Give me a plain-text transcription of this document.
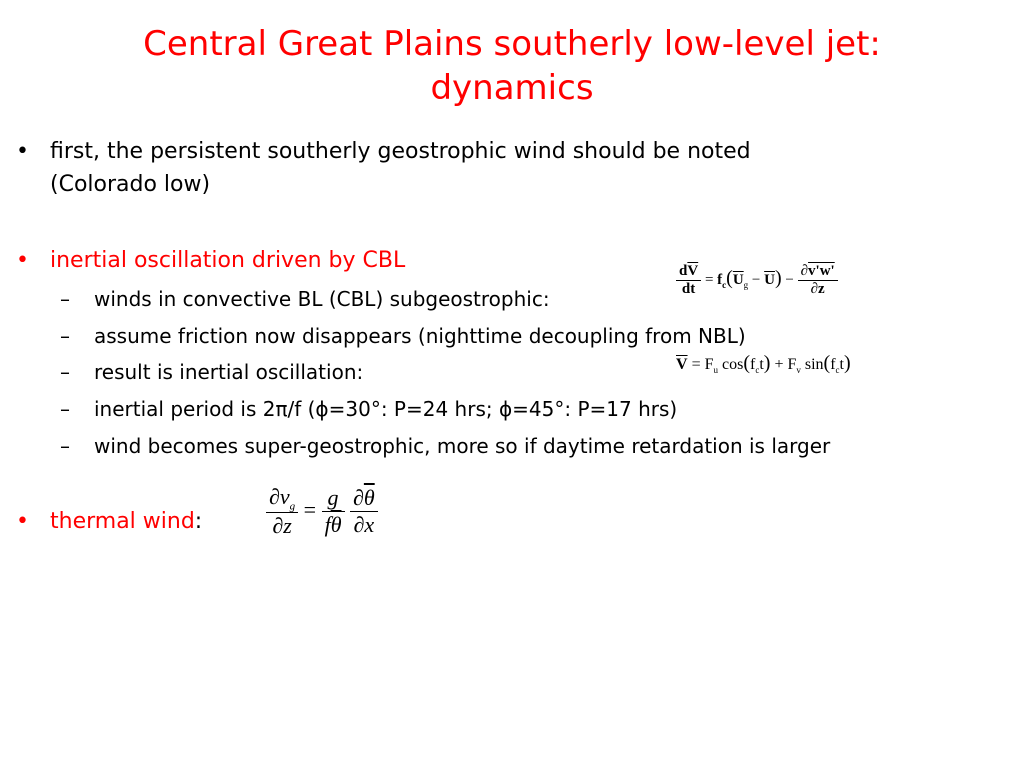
Central Great Plains southerly low-level jet:
dynamics
• first, the persistent southerly geostrophic wind should be noted
(Colorado low)
• inertial oscillation driven by CBL
– winds in convective BL (CBL) subgeostrophic:
– assume friction now disappears (nighttime decoupling from NBL)
– result is inertial oscillation:
– inertial period is 2π/f (ϕ=30°: P=24 hrs; ϕ=45°: P=17 hrs)
– wind becomes super-geostrophic, more so if daytime retardation is larger
• thermal wind:
$\frac{d\overline{V}}{dt} = f_c(\overline{U}_g - \overline{U}) - \frac{\partial v'w'}{\partial z}$
$\overline{V} = F_u$ $\cos(f_ct) + F_v$ $\sin(f_ct)$
$\frac{\partial v_g}{\partial z} = \frac{g}{f\overline{\theta}}$
$\frac{\partial\overline{\theta}}{\partial x}$
